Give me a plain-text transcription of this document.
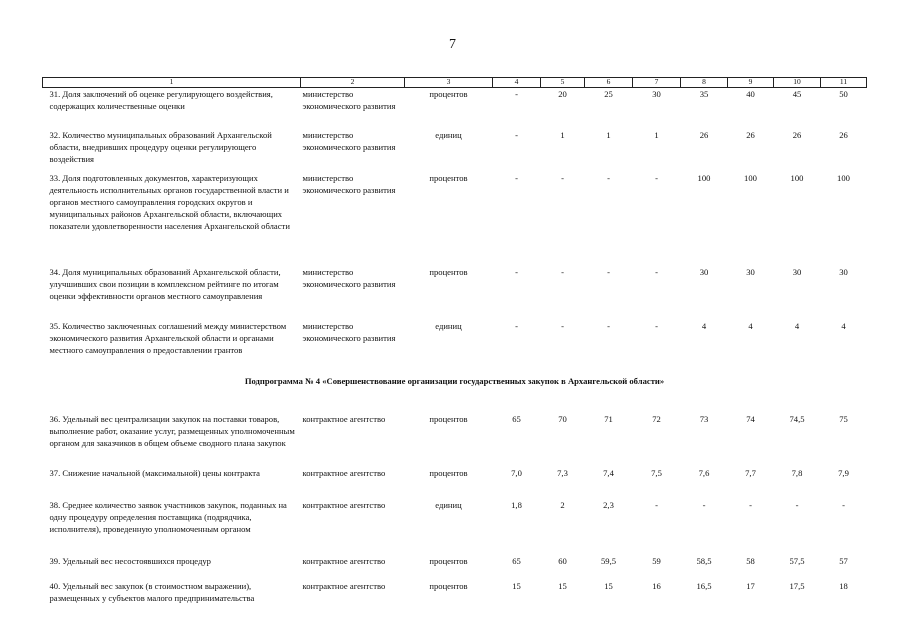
7
1	2	3	4	5	6	7	8	9	10	11
31. Доля заключений об оценке регулирующего воздействия, содержащих количественные оценки	министерство экономического развития	процентов	-	20	25	30	35	40	45	50
32. Количество муниципальных образований Архангельской области, внедривших процедуру оценки регулирующего воздействия	министерство экономического развития	единиц	-	1	1	1	26	26	26	26
33. Доля подготовленных документов, характеризующих деятельность исполнительных органов государственной власти и органов местного самоуправления городских округов и муниципальных районов Архангельской области, включающих показатели удовлетворенности населения Архангельской области	министерство экономического развития	процентов	-	-	-	-	100	100	100	100
34. Доля муниципальных образований Архангельской области, улучшивших свои позиции в комплексном рейтинге по итогам оценки эффективности органов местного самоуправления	министерство экономического развития	процентов	-	-	-	-	30	30	30	30
35. Количество заключенных соглашений между министерством экономического развития Архангельской области и органами местного самоуправления о предоставлении грантов	министерство экономического развития	единиц	-	-	-	-	4	4	4	4
Подпрограмма № 4 «Совершенствование организации государственных закупок в Архангельской области»										
36. Удельный вес централизации закупок на поставки товаров, выполнение работ, оказание услуг, размещенных уполномоченным органом для заказчиков в общем объеме сводного плана закупок	контрактное агентство	процентов	65	70	71	72	73	74	74,5	75
37. Снижение начальной (максимальной) цены контракта	контрактное агентство	процентов	7,0	7,3	7,4	7,5	7,6	7,7	7,8	7,9
38. Среднее количество заявок участников закупок, поданных на одну процедуру определения поставщика (подрядчика, исполнителя), проведенную уполномоченным органом	контрактное агентство	единиц	1,8	2	2,3	-	-	-	-	-
39. Удельный вес несостоявшихся процедур	контрактное агентство	процентов	65	60	59,5	59	58,5	58	57,5	57
40. Удельный вес закупок (в стоимостном выражении), размещенных у субъектов малого предпринимательства	контрактное агентство	процентов	15	15	15	16	16,5	17	17,5	18
